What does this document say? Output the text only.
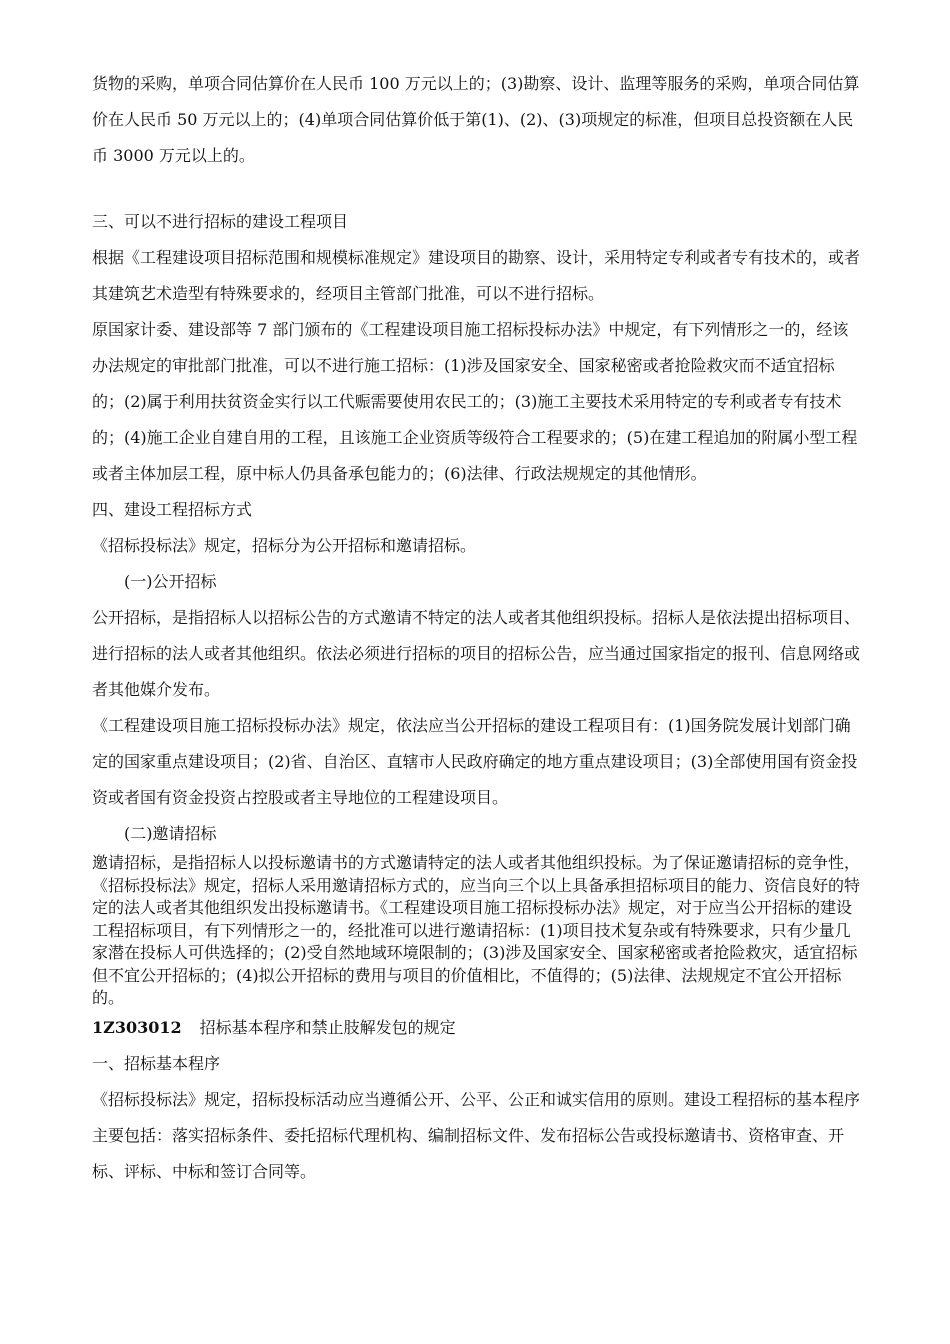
货物的采购，单项合同估算价在人民币 100 万元以上的；(3)勘察、设计、监理等服务的采购，单项合同估算价在人民币 50 万元以上的；(4)单项合同估算价低于第(1)、(2)、(3)项规定的标准，但项目总投资额在人民币 3000 万元以上的。

三、可以不进行招标的建设工程项目

根据《工程建设项目招标范围和规模标准规定》建设项目的勘察、设计，采用特定专利或者专有技术的，或者其建筑艺术造型有特殊要求的，经项目主管部门批准，可以不进行招标。

原国家计委、建设部等 7 部门颁布的《工程建设项目施工招标投标办法》中规定，有下列情形之一的，经该办法规定的审批部门批准，可以不进行施工招标：(1)涉及国家安全、国家秘密或者抢险救灾而不适宜招标的；(2)属于利用扶贫资金实行以工代赈需要使用农民工的；(3)施工主要技术采用特定的专利或者专有技术的；(4)施工企业自建自用的工程，且该施工企业资质等级符合工程要求的；(5)在建工程追加的附属小型工程或者主体加层工程，原中标人仍具备承包能力的；(6)法律、行政法规规定的其他情形。

四、建设工程招标方式

《招标投标法》规定，招标分为公开招标和邀请招标。

(一)公开招标

公开招标，是指招标人以招标公告的方式邀请不特定的法人或者其他组织投标。招标人是依法提出招标项目、进行招标的法人或者其他组织。依法必须进行招标的项目的招标公告，应当通过国家指定的报刊、信息网络或者其他媒介发布。

《工程建设项目施工招标投标办法》规定，依法应当公开招标的建设工程项目有：(1)国务院发展计划部门确定的国家重点建设项目；(2)省、自治区、直辖市人民政府确定的地方重点建设项目；(3)全部使用国有资金投资或者国有资金投资占控股或者主导地位的工程建设项目。

(二)邀请招标

邀请招标，是指招标人以投标邀请书的方式邀请特定的法人或者其他组织投标。为了保证邀请招标的竞争性，《招标投标法》规定，招标人采用邀请招标方式的，应当向三个以上具备承担招标项目的能力、资信良好的特定的法人或者其他组织发出投标邀请书。《工程建设项目施工招标投标办法》规定，对于应当公开招标的建设工程招标项目，有下列情形之一的，经批准可以进行邀请招标：(1)项目技术复杂或有特殊要求，只有少量几家潜在投标人可供选择的；(2)受自然地域环境限制的；(3)涉及国家安全、国家秘密或者抢险救灾，适宜招标但不宜公开招标的；(4)拟公开招标的费用与项目的价值相比，不值得的；(5)法律、法规规定不宜公开招标的。

1Z303012 招标基本程序和禁止肢解发包的规定

一、招标基本程序

《招标投标法》规定，招标投标活动应当遵循公开、公平、公正和诚实信用的原则。建设工程招标的基本程序主要包括：落实招标条件、委托招标代理机构、编制招标文件、发布招标公告或投标邀请书、资格审查、开标、评标、中标和签订合同等。
